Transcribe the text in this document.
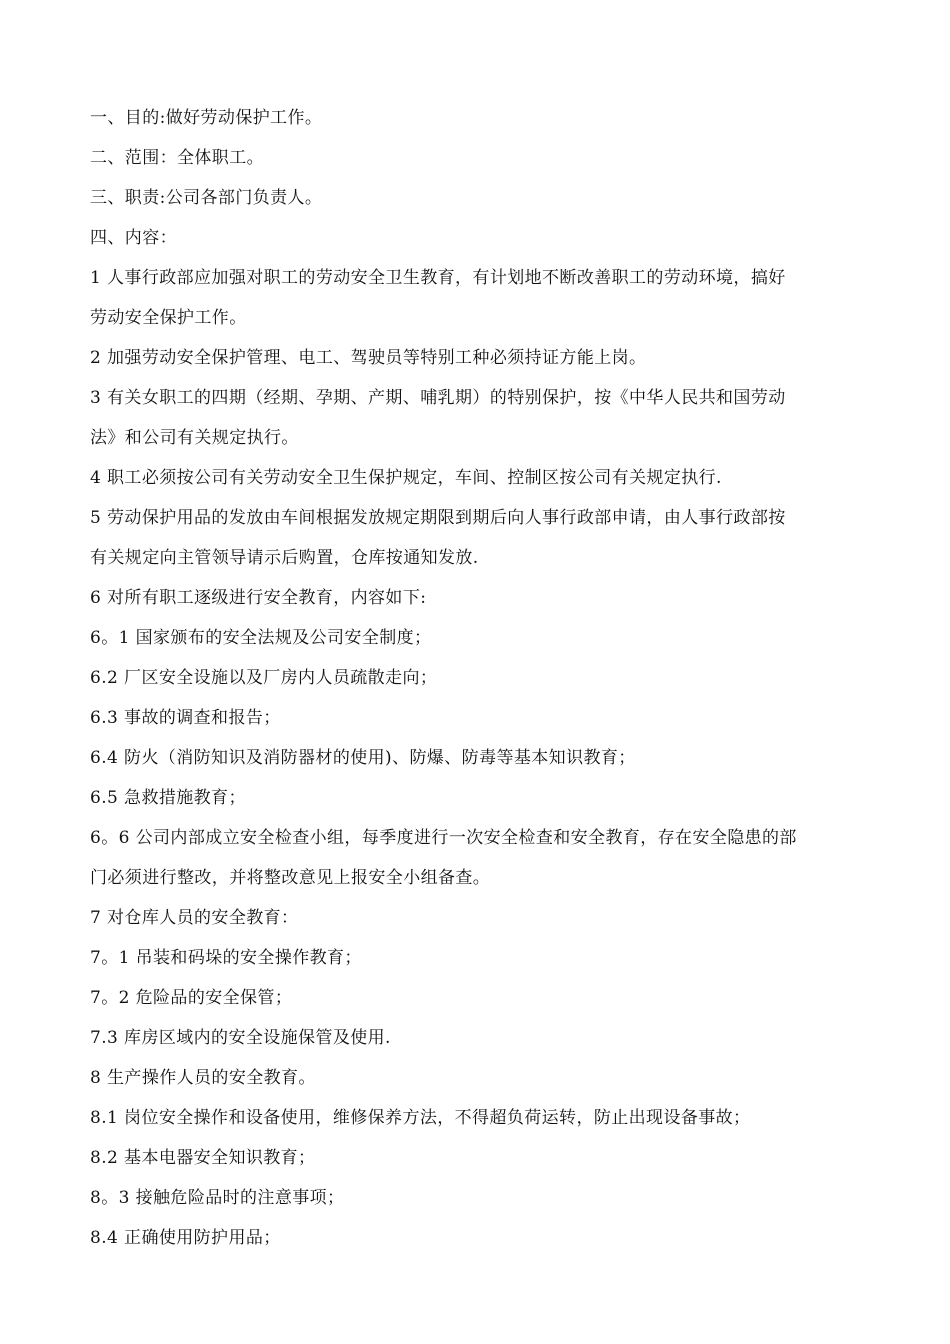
一、目的:做好劳动保护工作。
二、范围：全体职工。
三、职责:公司各部门负责人。
四、内容：
1 人事行政部应加强对职工的劳动安全卫生教育，有计划地不断改善职工的劳动环境，搞好
劳动安全保护工作。
2 加强劳动安全保护管理、电工、驾驶员等特别工种必须持证方能上岗。
3 有关女职工的四期（经期、孕期、产期、哺乳期）的特别保护，按《中华人民共和国劳动
法》和公司有关规定执行。
4 职工必须按公司有关劳动安全卫生保护规定，车间、控制区按公司有关规定执行.
5 劳动保护用品的发放由车间根据发放规定期限到期后向人事行政部申请，由人事行政部按
有关规定向主管领导请示后购置，仓库按通知发放.
6 对所有职工逐级进行安全教育，内容如下:
6。1 国家颁布的安全法规及公司安全制度；
6.2 厂区安全设施以及厂房内人员疏散走向；
6.3 事故的调查和报告；
6.4 防火（消防知识及消防器材的使用)、防爆、防毒等基本知识教育；
6.5 急救措施教育；
6。6 公司内部成立安全检查小组，每季度进行一次安全检查和安全教育，存在安全隐患的部
门必须进行整改，并将整改意见上报安全小组备查。
7 对仓库人员的安全教育：
7。1 吊装和码垛的安全操作教育；
7。2 危险品的安全保管；
7.3 库房区域内的安全设施保管及使用.
8 生产操作人员的安全教育。
8.1 岗位安全操作和设备使用，维修保养方法，不得超负荷运转，防止出现设备事故；
8.2 基本电器安全知识教育；
8。3 接触危险品时的注意事项；
8.4 正确使用防护用品；
